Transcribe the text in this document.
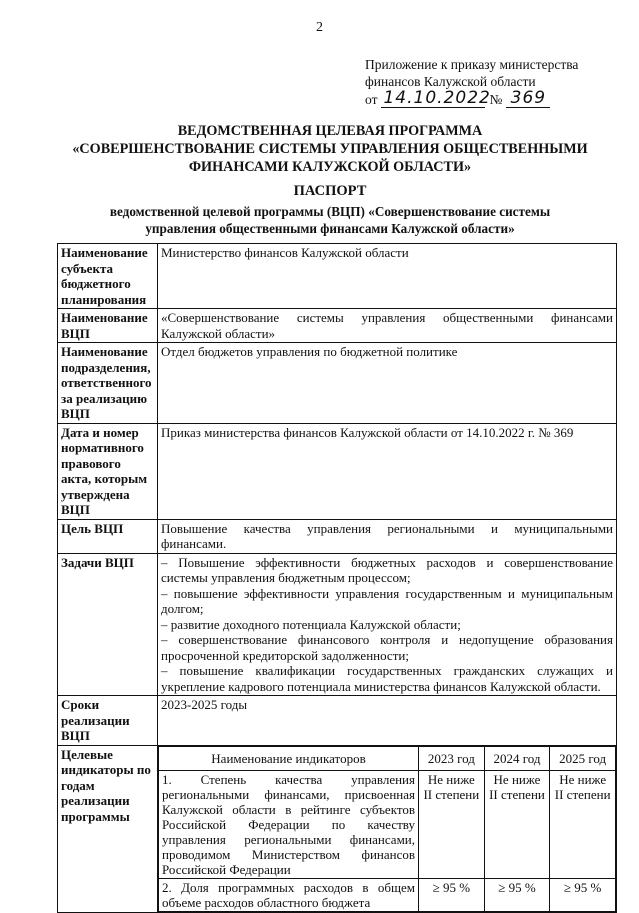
2
Приложение к приказу министерства
финансов Калужской области
от 14.10.2022
№ 369
ВЕДОМСТВЕННАЯ ЦЕЛЕВАЯ ПРОГРАММА
«СОВЕРШЕНСТВОВАНИЕ СИСТЕМЫ УПРАВЛЕНИЯ ОБЩЕСТВЕННЫМИ
ФИНАНСАМИ КАЛУЖСКОЙ ОБЛАСТИ»
ПАСПОРТ
ведомственной целевой программы (ВЦП) «Совершенствование системы
управления общественными финансами Калужской области»
Наименование субъекта бюджетного планирования	Министерство финансов Калужской области
Наименование ВЦП	«Совершенствование системы управления общественными финансами Калужской области»
Наименование подразделения, ответственного за реализацию ВЦП	Отдел бюджетов управления по бюджетной политике
Дата и номер нормативного правового акта, которым утверждена ВЦП	Приказ министерства финансов Калужской области от 14.10.2022 г. № 369
Цель ВЦП	Повышение качества управления региональными и муниципальными финансами.
Задачи ВЦП	– Повышение эффективности бюджетных расходов и совершенствование системы управления бюджетным процессом;
– повышение эффективности управления государственным и муниципальным долгом;
– развитие доходного потенциала Калужской области;
– совершенствование финансового контроля и недопущение образования просроченной кредиторской задолженности;
– повышение квалификации государственных гражданских служащих и укрепление кадрового потенциала министерства финансов Калужской области.

Сроки реализации ВЦП	2023-2025 годы
Целевые индикаторы по годам реализации программы	
Наименование индикаторов	2023 год	2024 год	2025 год
1. Степень качества управления региональными финансами, присвоенная Калужской области в рейтинге субъектов Российской Федерации по качеству управления региональными финансами, проводимом Министерством финансов Российской Федерации	Не ниже II степени	Не ниже II степени	Не ниже II степени
2. Доля программных расходов в общем объеме расходов областного бюджета	≥ 95 %	≥ 95 %	≥ 95 %
